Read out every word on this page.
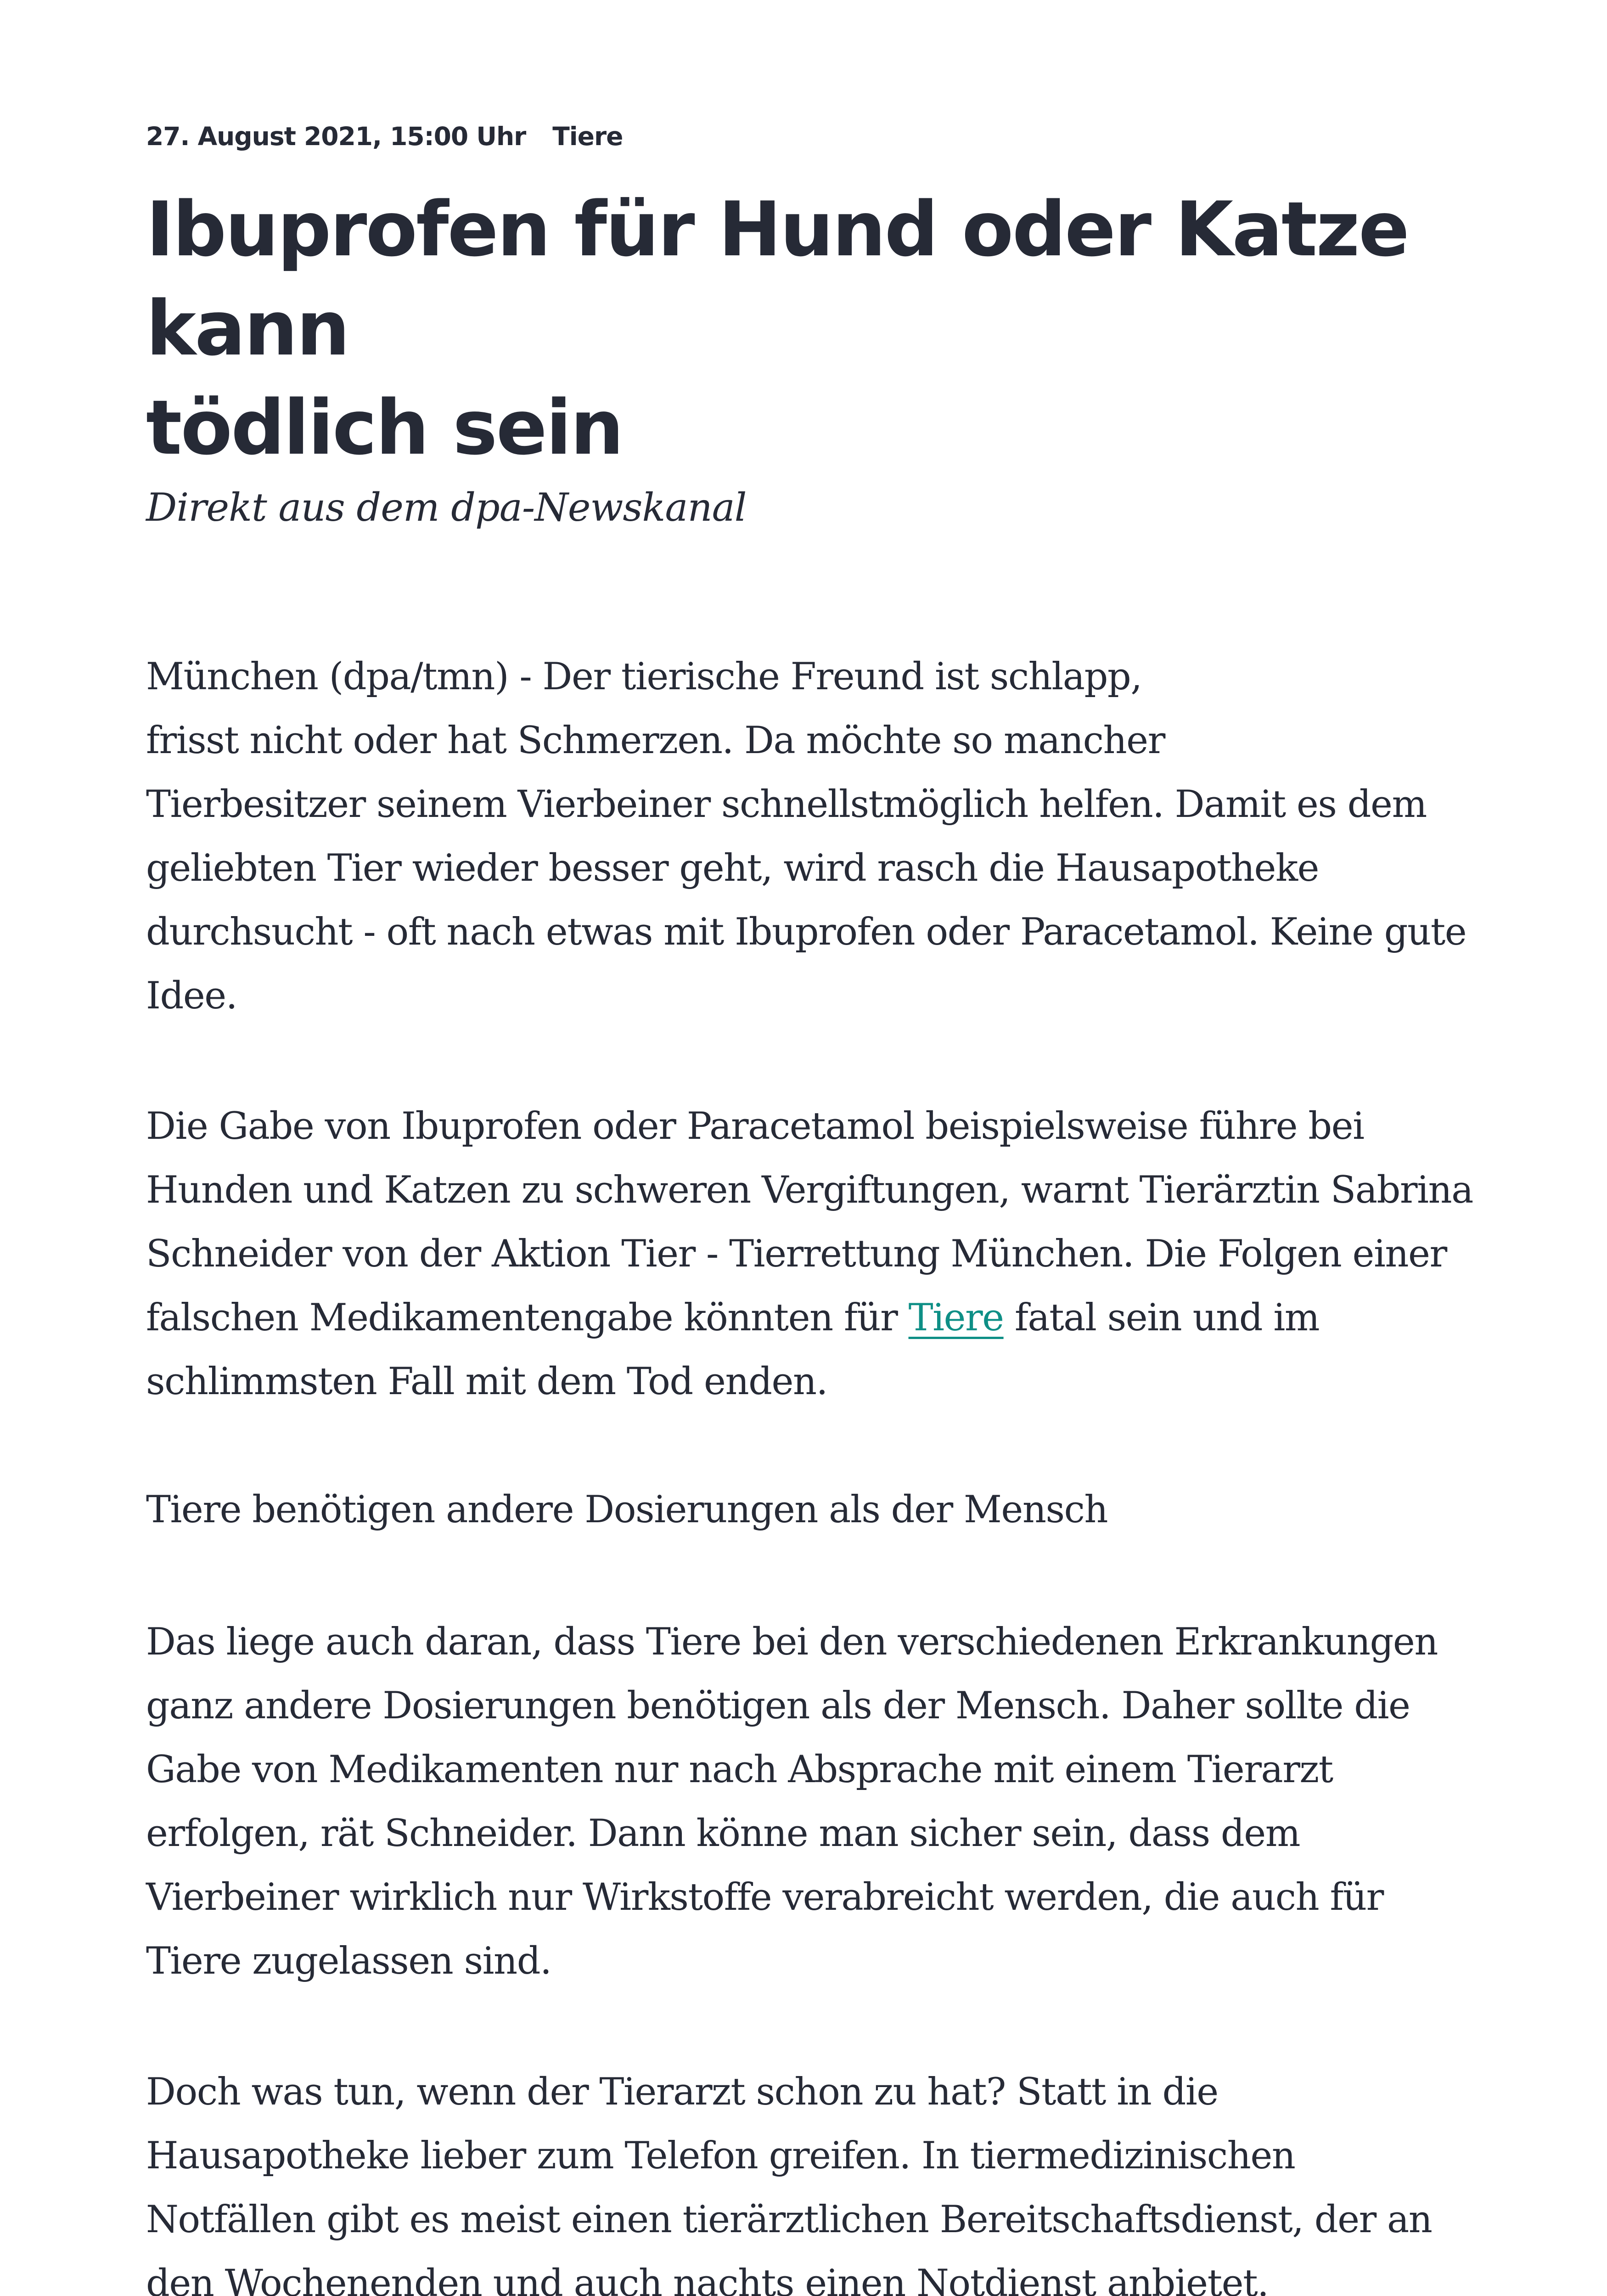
27. August 2021, 15:00 Uhr Tiere
Ibuprofen für Hund oder Katze kann
tödlich sein

Direkt aus dem dpa-Newskanal

München (dpa/tmn) - Der tierische Freund ist schlapp,
frisst nicht oder hat Schmerzen. Da möchte so mancher
Tierbesitzer seinem Vierbeiner schnellstmöglich helfen. Damit es dem
geliebten Tier wieder besser geht, wird rasch die Hausapotheke
durchsucht - oft nach etwas mit Ibuprofen oder Paracetamol. Keine gute
Idee.

Die Gabe von Ibuprofen oder Paracetamol beispielsweise führe bei
Hunden und Katzen zu schweren Vergiftungen, warnt Tierärztin Sabrina
Schneider von der Aktion Tier - Tierrettung München. Die Folgen einer
falschen Medikamentengabe könnten für Tiere fatal sein und im
schlimmsten Fall mit dem Tod enden.

Tiere benötigen andere Dosierungen als der Mensch

Das liege auch daran, dass Tiere bei den verschiedenen Erkrankungen
ganz andere Dosierungen benötigen als der Mensch. Daher sollte die
Gabe von Medikamenten nur nach Absprache mit einem Tierarzt
erfolgen, rät Schneider. Dann könne man sicher sein, dass dem
Vierbeiner wirklich nur Wirkstoffe verabreicht werden, die auch für
Tiere zugelassen sind.

Doch was tun, wenn der Tierarzt schon zu hat? Statt in die
Hausapotheke lieber zum Telefon greifen. In tiermedizinischen
Notfällen gibt es meist einen tierärztlichen Bereitschaftsdienst, der an
den Wochenenden und auch nachts einen Notdienst anbietet.
